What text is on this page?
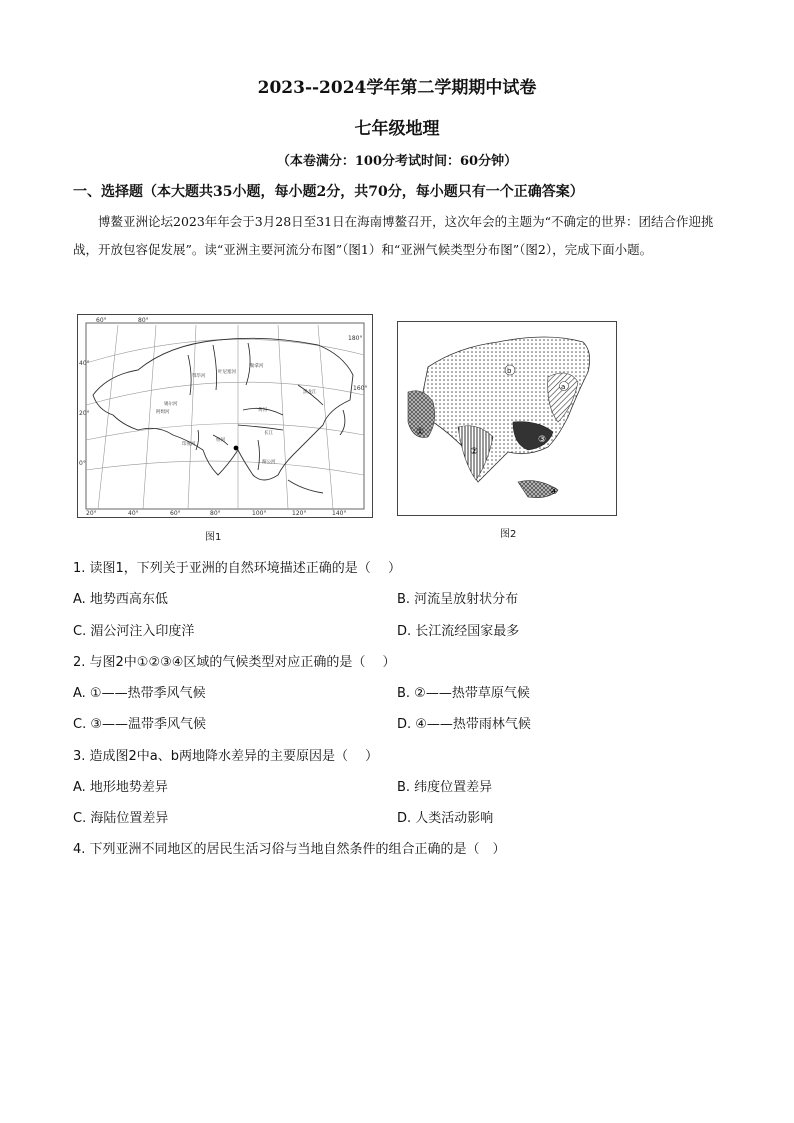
2023--2024学年第二学期期中试卷
七年级地理
（本卷满分：100分考试时间：60分钟）
一、选择题（本大题共35小题，每小题2分，共70分，每小题只有一个正确答案）
博鳌亚洲论坛2023年年会于3月28日至31日在海南博鳌召开，这次年会的主题为“不确定的世界：团结合作迎挑战，开放包容促发展”。读“亚洲主要河流分布图”（图1）和“亚洲气候类型分布图”（图2），完成下面小题。
60°	80°
20°	40°	60°	80°	100°	120°	140°
40°
20°
0°
180°
160°
鄂毕河
叶尼塞河
勒拿河
黑龙江
长江
黄河
印度河
恒河
湄公河
阿姆河
锡尔河
图1
①
②
③
④
a
b
图2
1. 读图1，下列关于亚洲的自然环境描述正确的是（　 ）
A. 地势西高东低	B. 河流呈放射状分布
C. 湄公河注入印度洋	D. 长江流经国家最多
2. 与图2中①②③④区域的气候类型对应正确的是（　 ）
A. ①——热带季风气候	B. ②——热带草原气候
C. ③——温带季风气候	D. ④——热带雨林气候
3. 造成图2中a、b两地降水差异的主要原因是（　 ）
A. 地形地势差异	B. 纬度位置差异
C. 海陆位置差异	D. 人类活动影响
4. 下列亚洲不同地区的居民生活习俗与当地自然条件的组合正确的是（　）
